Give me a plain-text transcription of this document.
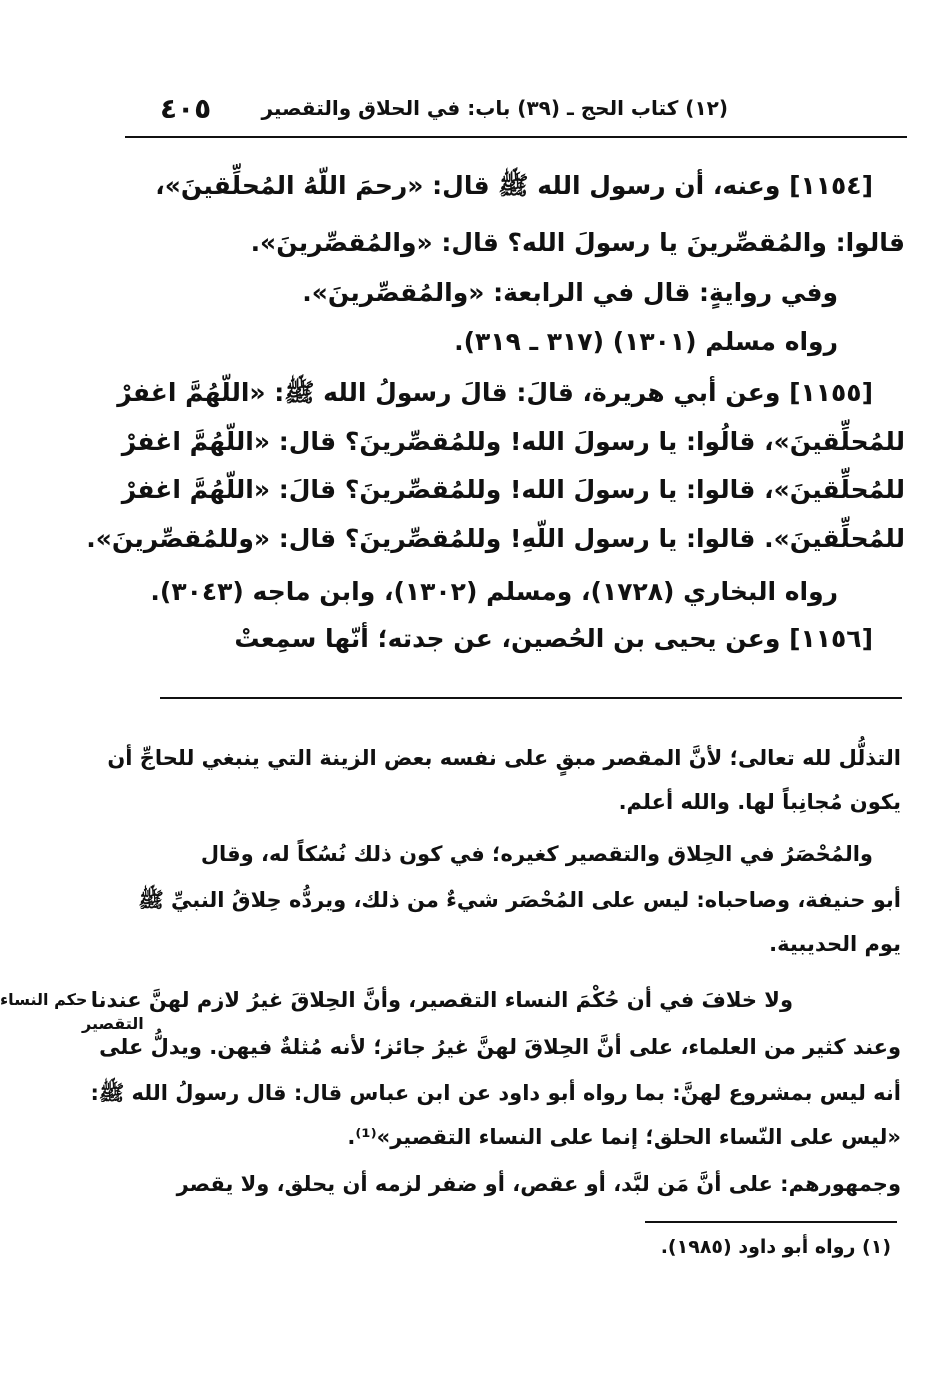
٤٠٥	(١٢) كتاب الحج ـ (٣٩) باب: في الحلاق والتقصير
[١١٥٤] وعنه، أن رسول الله ﷺ قال: «رحمَ اللّهُ المُحلِّقينَ»،
قالوا: والمُقصِّرينَ يا رسولَ الله؟ قال: «والمُقصِّرينَ».
وفي روايةٍ: قال في الرابعة: «والمُقصِّرينَ».
رواه مسلم (١٣٠١) (٣١٧ ـ ٣١٩).
[١١٥٥] وعن أبي هريرة، قالَ: قالَ رسولُ الله ﷺ: «اللّهُمَّ اغفرْ
للمُحلِّقينَ»، قالُوا: يا رسولَ الله! وللمُقصِّرينَ؟ قال: «اللّهُمَّ اغفرْ
للمُحلِّقينَ»، قالوا: يا رسولَ الله! وللمُقصِّرينَ؟ قالَ: «اللّهُمَّ اغفرْ
للمُحلِّقينَ». قالوا: يا رسول اللّهِ! وللمُقصِّرينَ؟ قال: «وللمُقصِّرينَ».
رواه البخاري (١٧٢٨)، ومسلم (١٣٠٢)، وابن ماجه (٣٠٤٣).
[١١٥٦] وعن يحيى بن الحُصين، عن جدته؛ أنّها سمِعتْ
التذلُّل لله تعالى؛ لأنَّ المقصر مبقٍ على نفسه بعض الزينة التي ينبغي للحاجِّ أن
يكون مُجانِباً لها. والله أعلم.
والمُحْصَرُ في الحِلاق والتقصير كغيره؛ في كون ذلك نُسُكاً له، وقال
أبو حنيفة، وصاحباه: ليس على المُحْصَر شيءٌ من ذلك، ويردُّه حِلاقُ النبيِّ ﷺ
يوم الحديبية.
ولا خلافَ في أن حُكْمَ النساء التقصير، وأنَّ الحِلاقَ غيرُ لازم لهنَّ عندنا
وعند كثير من العلماء، على أنَّ الحِلاقَ لهنَّ غيرُ جائز؛ لأنه مُثلةٌ فيهن. ويدلُّ على
أنه ليس بمشروع لهنَّ: بما رواه أبو داود عن ابن عباس قال: قال رسولُ الله ﷺ:
«ليس على النّساء الحلق؛ إنما على النساء التقصير»⁽¹⁾.
وجمهورهم: على أنَّ مَن لبَّد، أو عقص، أو ضفر لزمه أن يحلق، ولا يقصر
حكم النساء
التقصير
(١) رواه أبو داود (١٩٨٥).
